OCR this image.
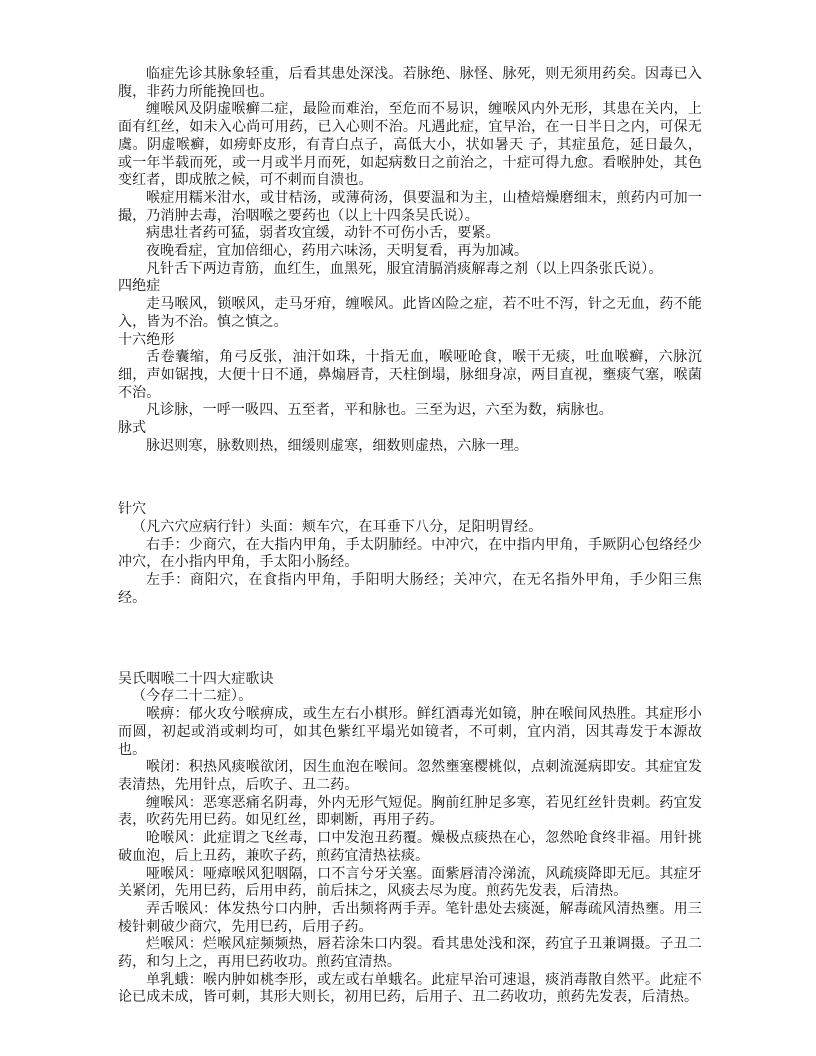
临症先诊其脉象轻重，后看其患处深浅。若脉绝、脉怪、脉死，则无须用药矣。因毒已入腹，非药力所能挽回也。

缠喉风及阴虚喉癣二症，最险而难治，至危而不易识，缠喉风内外无形，其患在关内，上面有红丝，如未入心尚可用药，已入心则不治。凡遇此症，宜早治，在一日半日之内，可保无虞。阴虚喉癣，如痨虾皮形，有青白点子，高低大小，状如暑天 子，其症虽危，延日最久，或一年半载而死，或一月或半月而死，如起病数日之前治之，十症可得九愈。看喉肿处，其色变红者，即成脓之候，可不刺而自溃也。

喉症用糯米泔水，或甘桔汤，或薄荷汤，俱要温和为主，山楂焙燥磨细末，煎药内可加一撮，乃消肿去毒，治咽喉之要药也（以上十四条吴氏说）。

病患壮者药可猛，弱者攻宜缓，动针不可伤小舌，要紧。

夜晚看症，宜加倍细心，药用六味汤，天明复看，再为加减。

凡针舌下两边青筋，血红生，血黑死，服宜清膈消痰解毒之剂（以上四条张氏说）。

四绝症

走马喉风，锁喉风，走马牙疳，缠喉风。此皆凶险之症，若不吐不泻，针之无血，药不能入，皆为不治。慎之慎之。

十六绝形

舌卷囊缩，角弓反张，油汗如珠，十指无血，喉哑呛食，喉干无痰，吐血喉癣，六脉沉细，声如锯拽，大便十日不通，鼻煽唇青，天柱倒塌，脉细身凉，两目直视，壅痰气塞，喉菌不治。

凡诊脉，一呼一吸四、五至者，平和脉也。三至为迟，六至为数，病脉也。

脉式

脉迟则寒，脉数则热，细缓则虚寒，细数则虚热，六脉一理。

针穴

（凡六穴应病行针）头面：颊车穴，在耳垂下八分，足阳明胃经。

右手：少商穴，在大指内甲角，手太阴肺经。中冲穴，在中指内甲角，手厥阴心包络经少冲穴，在小指内甲角，手太阳小肠经。

左手：商阳穴，在食指内甲角，手阳明大肠经；关冲穴，在无名指外甲角，手少阳三焦经。

吴氏咽喉二十四大症歌诀

（今存二十二症）。

喉痹：郁火攻兮喉痹成，或生左右小棋形。鲜红酒毒光如镜，肿在喉间风热胜。其症形小而圆，初起或消或刺均可，如其色紫红平塌光如镜者，不可刺，宜内消，因其毒发于本源故也。

喉闭：积热风痰喉欲闭，因生血泡在喉间。忽然壅塞樱桃似，点刺流涎病即安。其症宜发表清热，先用针点，后吹子、丑二药。

缠喉风：恶寒恶痛名阴毒，外内无形气短促。胸前红肿足多寒，若见红丝针贵刺。药宜发表，吹药先用巳药。如见红丝，即刺断，再用子药。

呛喉风：此症谓之飞丝毒，口中发泡丑药覆。燥极点痰热在心，忽然呛食终非福。用针挑破血泡，后上丑药，兼吹子药，煎药宜清热祛痰。

哑喉风：哑瘴喉风犯咽隔，口不言兮牙关塞。面紫唇清冷涕流，风疏痰降即无厄。其症牙关紧闭，先用巳药，后用申药，前后抹之，风痰去尽为度。煎药先发表，后清热。

弄舌喉风：体发热兮口内肿，舌出频将两手弄。笔针患处去痰涎，解毒疏风清热壅。用三棱针刺破少商穴，先用巳药，后用子药。

烂喉风：烂喉风症频频热，唇若涂朱口内裂。看其患处浅和深，药宜子丑兼调摄。子丑二药，和匀上之，再用巳药收功。煎药宜清热。

单乳蛾：喉内肿如桃李形，或左或右单蛾名。此症早治可速退，痰消毒散自然平。此症不论已成未成，皆可刺，其形大则长，初用巳药，后用子、丑二药收功，煎药先发表，后清热。
